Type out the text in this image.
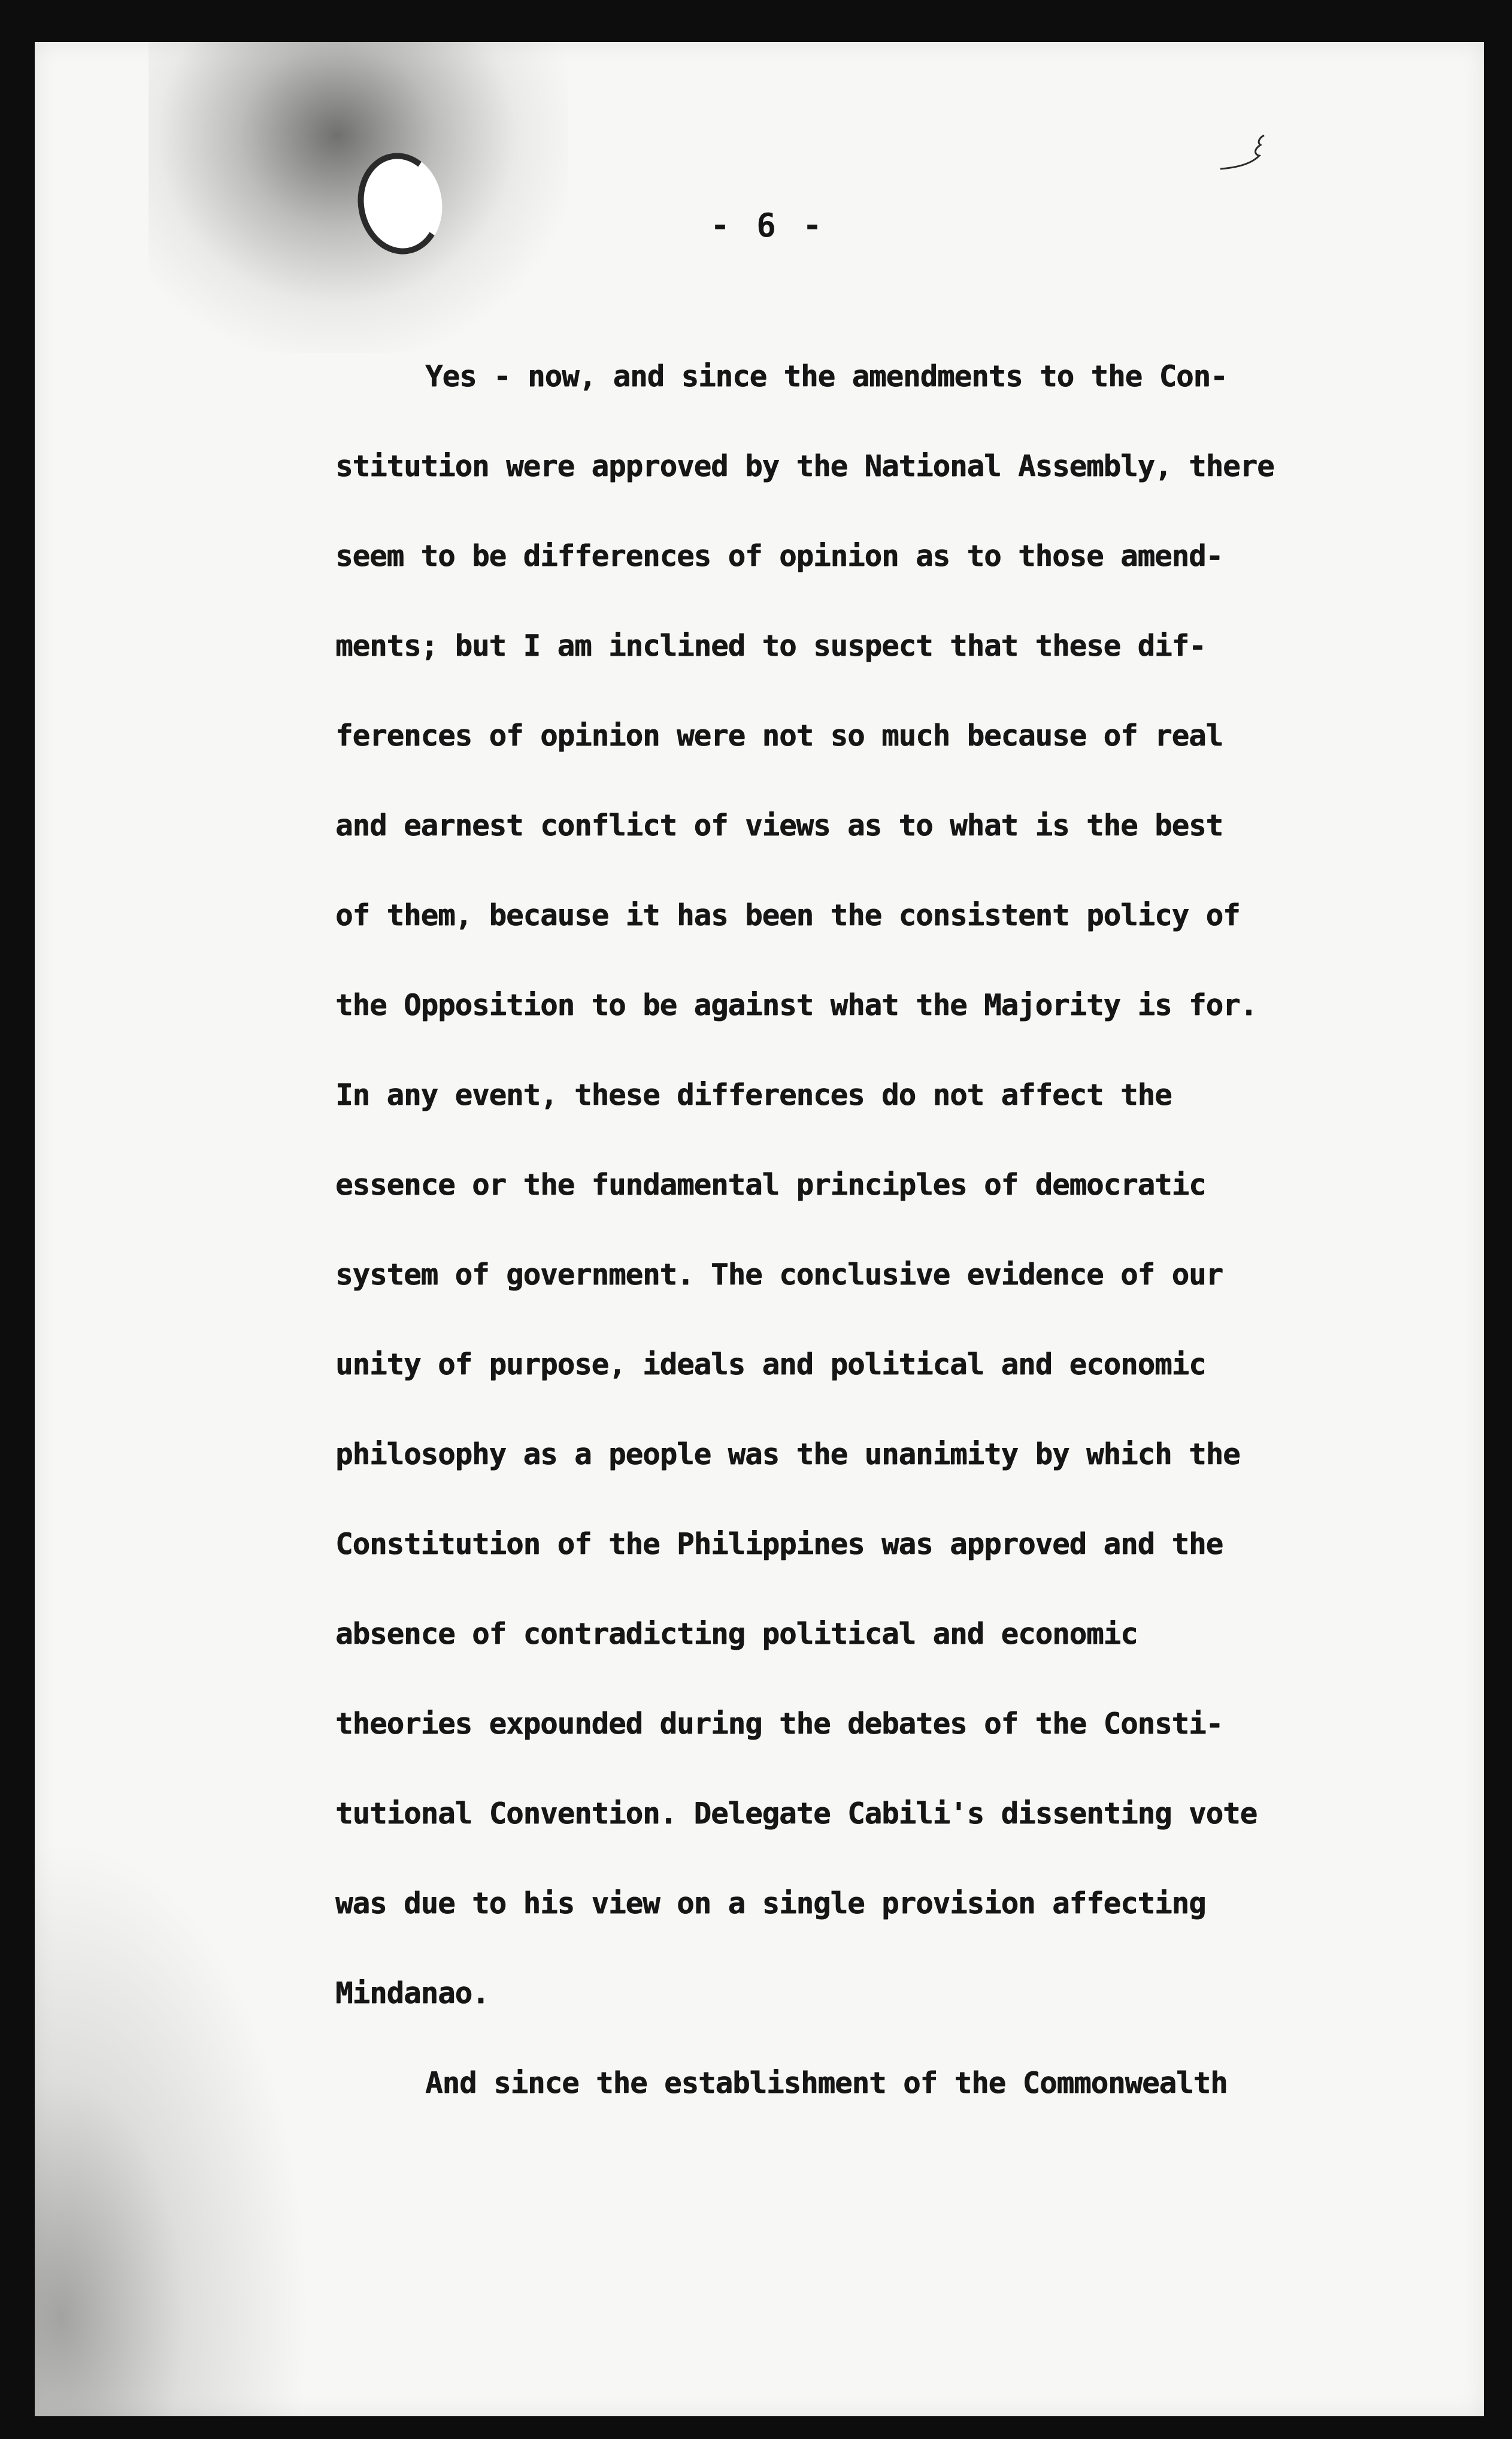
- 6 -
Yes - now, and since the amendments to the Con-
stitution were approved by the National Assembly, there
seem to be differences of opinion as to those amend-
ments; but I am inclined to suspect that these dif-
ferences of opinion were not so much because of real
and earnest conflict of views as to what is the best
of them, because it has been the consistent policy of
the Opposition to be against what the Majority is for.
In any event, these differences do not affect the
essence or the fundamental principles of democratic
system of government. The conclusive evidence of our
unity of purpose, ideals and political and economic
philosophy as a people was the unanimity by which the
Constitution of the Philippines was approved and the
absence of contradicting political and economic
theories expounded during the debates of the Consti-
tutional Convention. Delegate Cabili's dissenting vote
was due to his view on a single provision affecting
Mindanao.
And since the establishment of the Commonwealth
